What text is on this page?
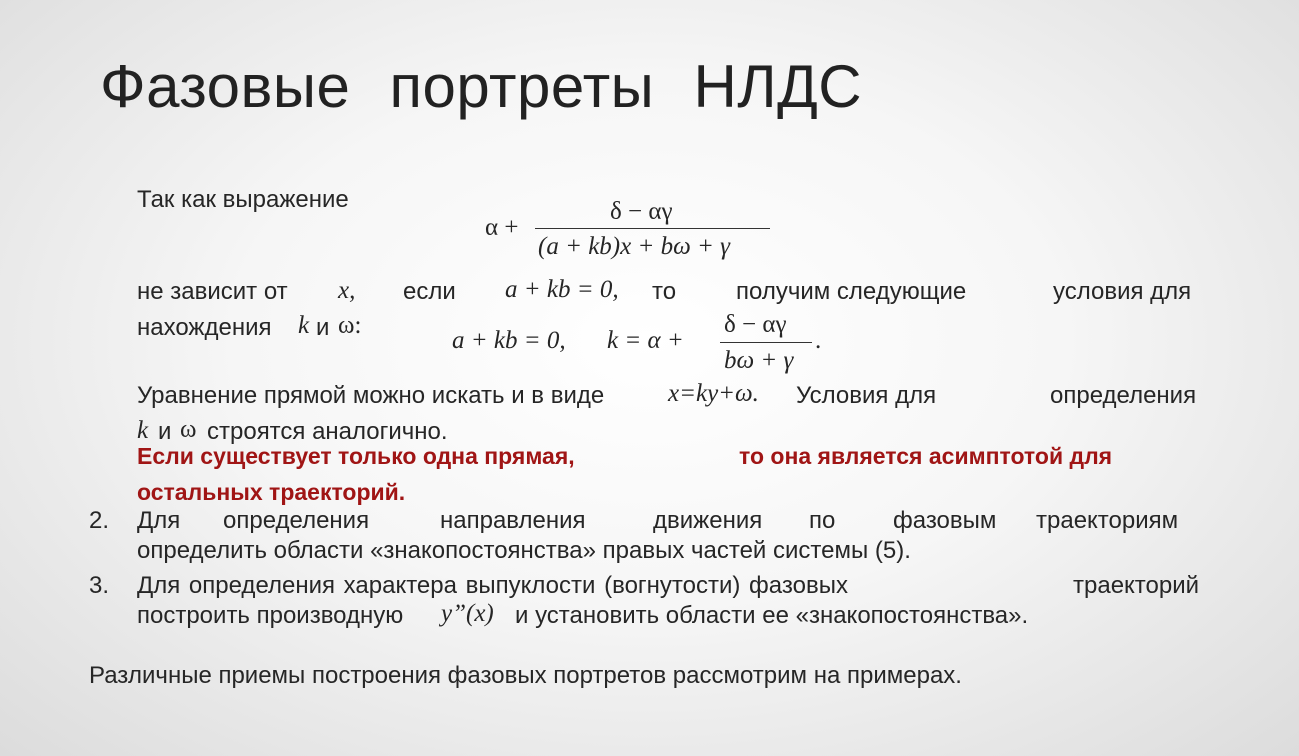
Фазовые портреты НЛДС
Так как выражение
α +
δ − αγ
(a + kb)x + bω + γ
не зависит от x, если a + kb = 0, то получим следующие	условия для
нахождения k и ω:
a + kb = 0, k = α +
δ − αγ
bω + γ
.
Уравнение прямой можно искать и в виде	x=ky+ω. Условия для	определения
k и ω строятся аналогично.
Если существует только одна прямая,	то она является асимптотой для
остальных траекторий.
2. Для определения	направления	движения по фазовым траекториям
определить области «знакопостоянства» правых частей системы (5).
3. Для определения характера выпуклости (вогнутости) фазовых	траекторий
построить производную y”(x) и установить области ее «знакопостоянства».
Различные приемы построения фазовых портретов рассмотрим на примерах.
